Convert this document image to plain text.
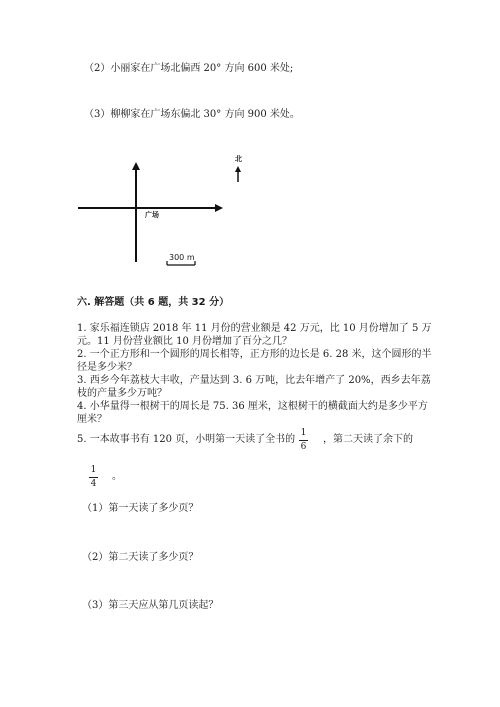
（2）小丽家在广场北偏西 20° 方向 600 米处;
（3）柳柳家在广场东偏北 30° 方向 900 米处。
北
广场
300 m
六. 解答题（共 6 题，共 32 分）
1. 家乐福连锁店 2018 年 11 月份的营业额是 42 万元，比 10 月份增加了 5 万
元。11 月份营业额比 10 月份增加了百分之几？
2. 一个正方形和一个圆形的周长相等，正方形的边长是 6. 28 米，这个圆形的半
径是多少米？
3. 西乡今年荔枝大丰收，产量达到 3. 6 万吨，比去年增产了 20%，西乡去年荔
枝的产量多少万吨？
4. 小华量得一根树干的周长是 75. 36 厘米，这根树干的横截面大约是多少平方
厘米？
5. 一本故事书有 120 页，小明第一天读了全书的
1
6
，第二天读了余下的
1
4
。
（1）第一天读了多少页？
（2）第二天读了多少页？
（3）第三天应从第几页读起？
